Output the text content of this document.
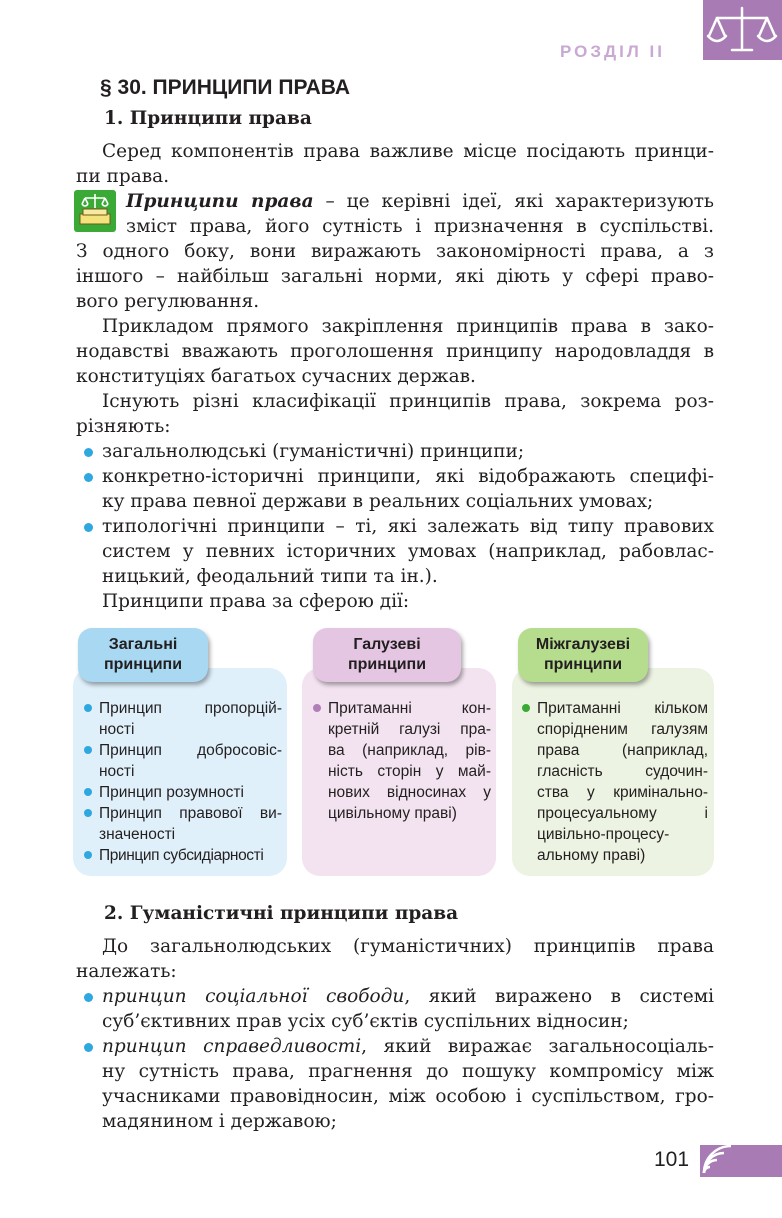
РОЗДІЛ II
§ 30. ПРИНЦИПИ ПРАВА
1. Принципи права
Серед компонентів права важливе місце посідають принци-
пи права.
Принципи права – це керівні ідеї, які характеризують
зміст права, його сутність і призначення в суспільстві.
З одного боку, вони виражають закономірності права, а з
іншого – найбільш загальні норми, які діють у сфері право-
вого регулювання.
Прикладом прямого закріплення принципів права в зако-
нодавстві вважають проголошення принципу народовладдя в
конституціях багатьох сучасних держав.
Існують різні класифікації принципів права, зокрема роз-
різняють:
загальнолюдські (гуманістичні) принципи;
конкретно-історичні принципи, які відображають специфі-
ку права певної держави в реальних соціальних умовах;
типологічні принципи – ті, які залежать від типу правових
систем у певних історичних умовах (наприклад, рабовлас-
ницький, феодальний типи та ін.).
Принципи права за сферою дії:
Загальні
принципи
Принцип пропорцій-
ності
Принцип добросовіс-
ності
Принцип розумності
Принцип правової ви-
значеності
Принцип субсидіарності
Галузеві
принципи
Притаманні кон-
кретній галузі пра-
ва (наприклад, рів-
ність сторін у май-
нових відносинах у
цивільному праві)
Міжгалузеві
принципи
Притаманні кільком
спорідненим галузям
права (наприклад,
гласність судочин-
ства у кримінально-
процесуальному і
цивільно-процесу-
альному праві)
2. Гуманістичні принципи права
До загальнолюдських (гуманістичних) принципів права
належать:
принцип соціальної свободи, який виражено в системі
суб’єктивних прав усіх суб’єктів суспільних відносин;
принцип справедливості, який виражає загальносоціаль-
ну сутність права, прагнення до пошуку компромісу між
учасниками правовідносин, між особою і суспільством, гро-
мадянином і державою;
101
